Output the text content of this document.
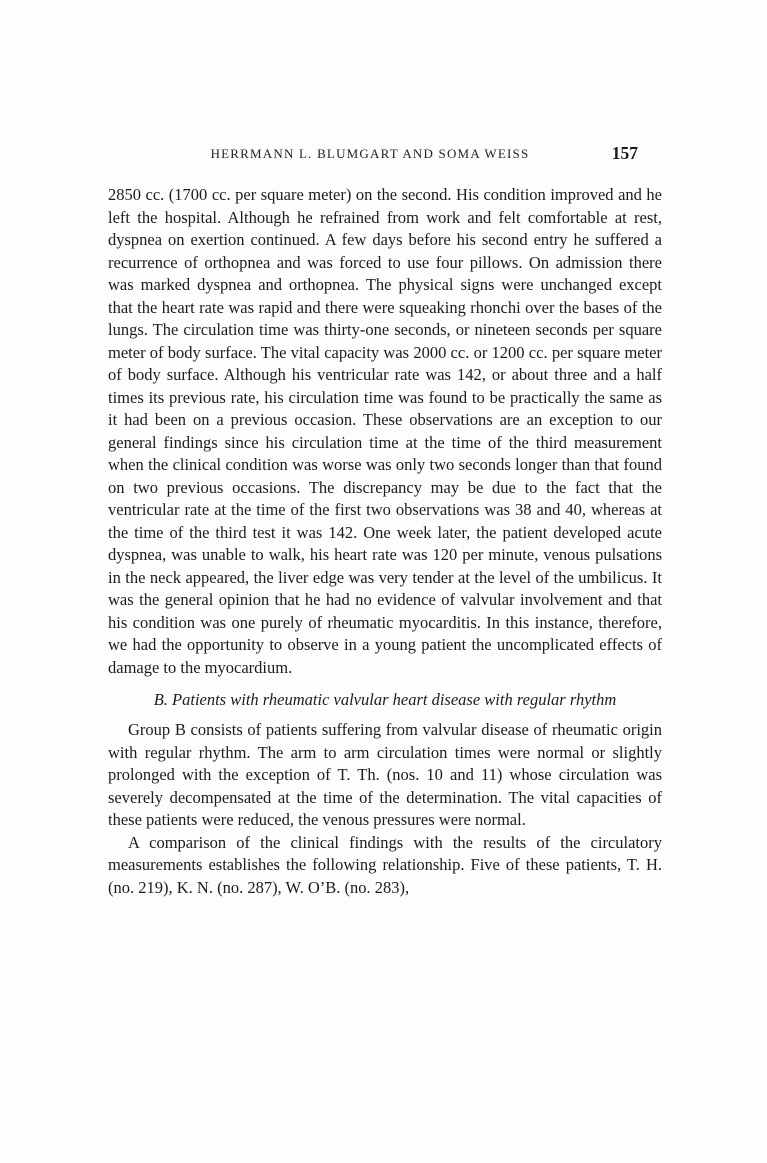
HERRMANN L. BLUMGART AND SOMA WEISS	157

2850 cc. (1700 cc. per square meter) on the second. His condition improved and he left the hospital. Although he refrained from work and felt comfortable at rest, dyspnea on exertion continued. A few days before his second entry he suffered a recurrence of orthopnea and was forced to use four pillows. On admission there was marked dyspnea and orthopnea. The physical signs were unchanged except that the heart rate was rapid and there were squeaking rhonchi over the bases of the lungs. The circulation time was thirty-one seconds, or nineteen seconds per square meter of body surface. The vital capacity was 2000 cc. or 1200 cc. per square meter of body surface. Although his ventricular rate was 142, or about three and a half times its previous rate, his circulation time was found to be practically the same as it had been on a previous occasion. These observations are an exception to our general findings since his circulation time at the time of the third measurement when the clinical condition was worse was only two seconds longer than that found on two previous occasions. The discrepancy may be due to the fact that the ventricular rate at the time of the first two observations was 38 and 40, whereas at the time of the third test it was 142. One week later, the patient developed acute dyspnea, was unable to walk, his heart rate was 120 per minute, venous pulsations in the neck appeared, the liver edge was very tender at the level of the umbilicus. It was the general opinion that he had no evidence of valvular involvement and that his condition was one purely of rheumatic myocarditis. In this instance, therefore, we had the opportunity to observe in a young patient the uncomplicated effects of damage to the myocardium.

B. Patients with rheumatic valvular heart disease with regular rhythm

Group B consists of patients suffering from valvular disease of rheumatic origin with regular rhythm. The arm to arm circulation times were normal or slightly prolonged with the exception of T. Th. (nos. 10 and 11) whose circulation was severely decompensated at the time of the determination. The vital capacities of these patients were reduced, the venous pressures were normal.

A comparison of the clinical findings with the results of the circulatory measurements establishes the following relationship. Five of these patients, T. H. (no. 219), K. N. (no. 287), W. O’B. (no. 283),
